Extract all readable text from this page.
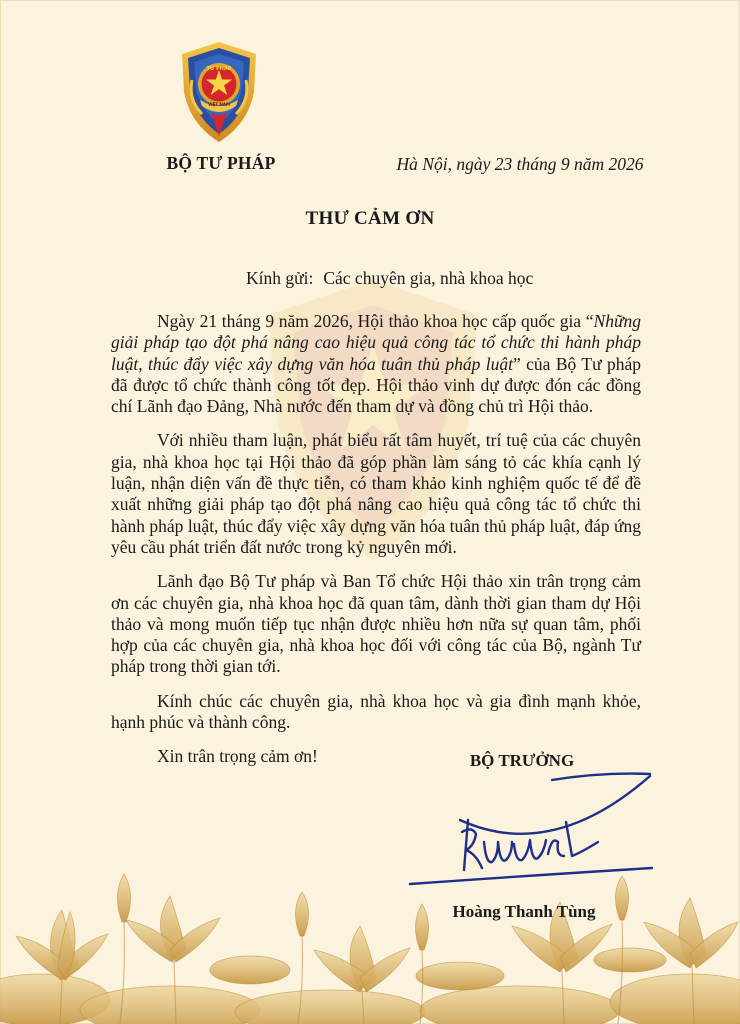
TƯ PHÁP
VIỆT NAM
BỘ TƯ PHÁP	Hà Nội, ngày 23 tháng 9 năm 2026
THƯ CẢM ƠN
Kính gửi: Các chuyên gia, nhà khoa học

Ngày 21 tháng 9 năm 2026, Hội thảo khoa học cấp quốc gia “Những giải pháp tạo đột phá nâng cao hiệu quả công tác tổ chức thi hành pháp luật, thúc đẩy việc xây dựng văn hóa tuân thủ pháp luật” của Bộ Tư pháp đã được tổ chức thành công tốt đẹp. Hội thảo vinh dự được đón các đồng chí Lãnh đạo Đảng, Nhà nước đến tham dự và đồng chủ trì Hội thảo.

Với nhiều tham luận, phát biểu rất tâm huyết, trí tuệ của các chuyên gia, nhà khoa học tại Hội thảo đã góp phần làm sáng tỏ các khía cạnh lý luận, nhận diện vấn đề thực tiễn, có tham khảo kinh nghiệm quốc tế để đề xuất những giải pháp tạo đột phá nâng cao hiệu quả công tác tổ chức thi hành pháp luật, thúc đẩy việc xây dựng văn hóa tuân thủ pháp luật, đáp ứng yêu cầu phát triển đất nước trong kỷ nguyên mới.

Lãnh đạo Bộ Tư pháp và Ban Tổ chức Hội thảo xin trân trọng cảm ơn các chuyên gia, nhà khoa học đã quan tâm, dành thời gian tham dự Hội thảo và mong muốn tiếp tục nhận được nhiều hơn nữa sự quan tâm, phối hợp của các chuyên gia, nhà khoa học đối với công tác của Bộ, ngành Tư pháp trong thời gian tới.

Kính chúc các chuyên gia, nhà khoa học và gia đình mạnh khỏe, hạnh phúc và thành công.

Xin trân trọng cảm ơn!	BỘ TRƯỞNG
Hoàng Thanh Tùng
